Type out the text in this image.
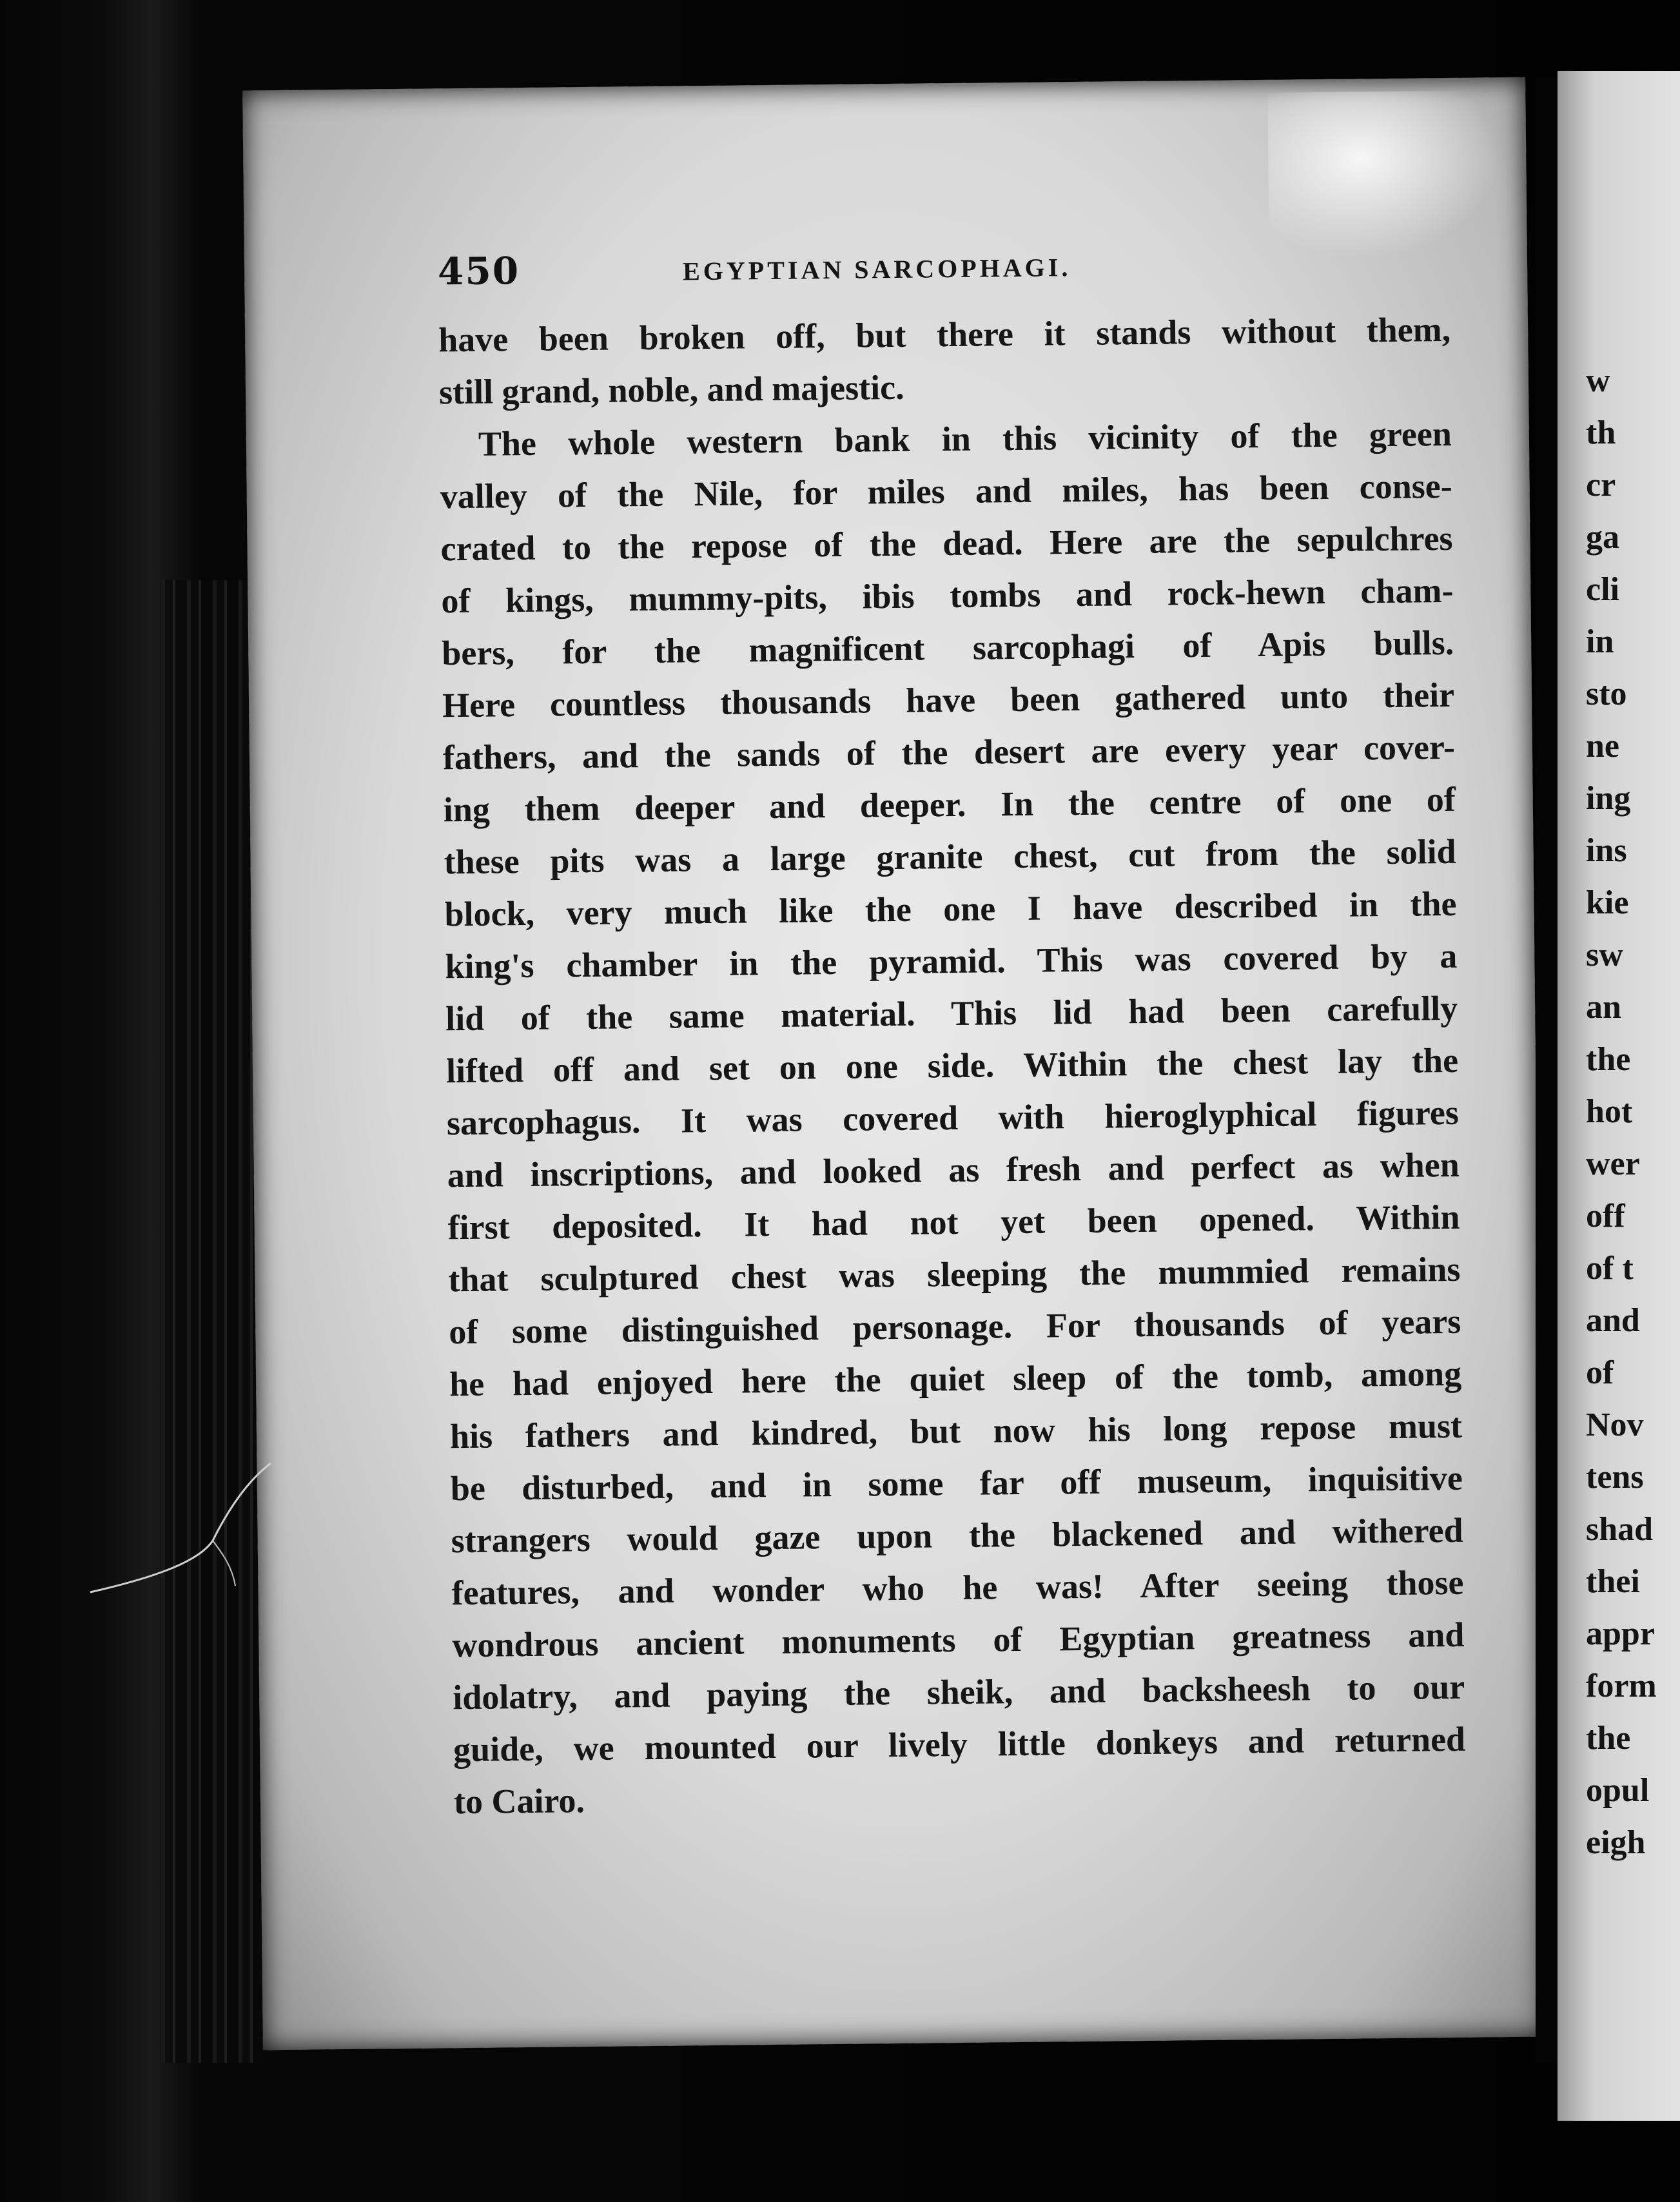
450	EGYPTIAN SARCOPHAGI.
have been broken off, but there it stands without them,
still grand, noble, and majestic.
The whole western bank in this vicinity of the green
valley of the Nile, for miles and miles, has been conse-
crated to the repose of the dead. Here are the sepulchres
of kings, mummy-pits, ibis tombs and rock-hewn cham-
bers, for the magnificent sarcophagi of Apis bulls.
Here countless thousands have been gathered unto their
fathers, and the sands of the desert are every year cover-
ing them deeper and deeper. In the centre of one of
these pits was a large granite chest, cut from the solid
block, very much like the one I have described in the
king's chamber in the pyramid. This was covered by a
lid of the same material. This lid had been carefully
lifted off and set on one side. Within the chest lay the
sarcophagus. It was covered with hieroglyphical figures
and inscriptions, and looked as fresh and perfect as when
first deposited. It had not yet been opened. Within
that sculptured chest was sleeping the mummied remains
of some distinguished personage. For thousands of years
he had enjoyed here the quiet sleep of the tomb, among
his fathers and kindred, but now his long repose must
be disturbed, and in some far off museum, inquisitive
strangers would gaze upon the blackened and withered
features, and wonder who he was! After seeing those
wondrous ancient monuments of Egyptian greatness and
idolatry, and paying the sheik, and backsheesh to our
guide, we mounted our lively little donkeys and returned
to Cairo.
w
th
cr
ga
cli
in
sto
ne
ing
ins
kie
sw
an
the
hot
wer
off
of t
and
of
Nov
tens
shad
thei
appr
form
the
opul
eigh
